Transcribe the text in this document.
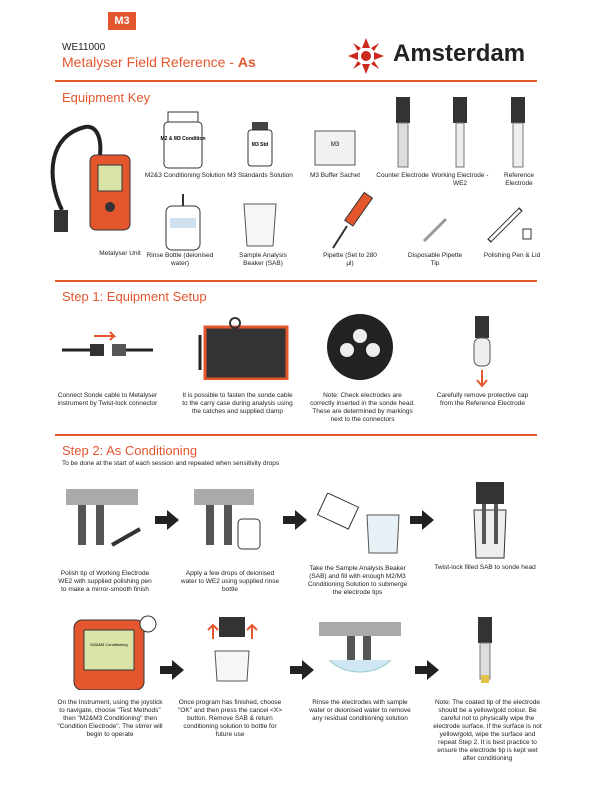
M3
WE11000
Metalyser Field Reference - As	Amsterdam
Equipment Key
Metalyser Unit
M2 & M3 Condition
M2&3 Conditioning Solution
M3 Std
M3 Standards Solution
M3
M3 Buffer Sachet	Counter Electrode Working Electrode - WE2
Reference Electrode
Rinse Bottle (deionised water)
Sample Analysis Beaker (SAB)
Pipette (Set to 280 µl)
Disposable Pipette Tip
Polishing Pen & Lid
Step 1: Equipment Setup
Connect Sonde cable to Metalyser instrument by Twist-lock connector
It is possible to fasten the sonde cable to the carry case during analysis using the catches and supplied clamp
Note: Check electrodes are correctly inserted in the sonde head. These are determined by markings next to the connectors
Carefully remove protective cap from the Reference Electrode
Step 2: As Conditioning
To be done at the start of each session and repeated when sensitivity drops
Polish tip of Working Electrode WE2 with supplied polishing pen to make a mirror-smooth finish
Apply a few drops of deionised water to WE2 using supplied rinse bottle
Take the Sample Analysis Beaker (SAB) and fill with enough M2/M3 Conditioning Solution to submerge the electrode tips
Twist-lock filled SAB to sonde head
M2&M3 Conditioning
On the Instrument, using the joystick to navigate, choose "Test Methods" then "M2&M3 Conditioning" then "Condition Electrode". The stirrer will begin to operate
Once program has finished, choose "OK" and then press the cancel <X> button. Remove SAB & return conditioning solution to bottle for future use
Rinse the electrodes with sample water or deionised water to remove any residual conditioning solution
Note: The coated tip of the electrode should be a yellow/gold colour. Be careful not to physically wipe the electrode surface. If the surface is not yellow/gold, wipe the surface and repeat Step 2. It is best practice to ensure the electrode tip is kept wet after conditioning
